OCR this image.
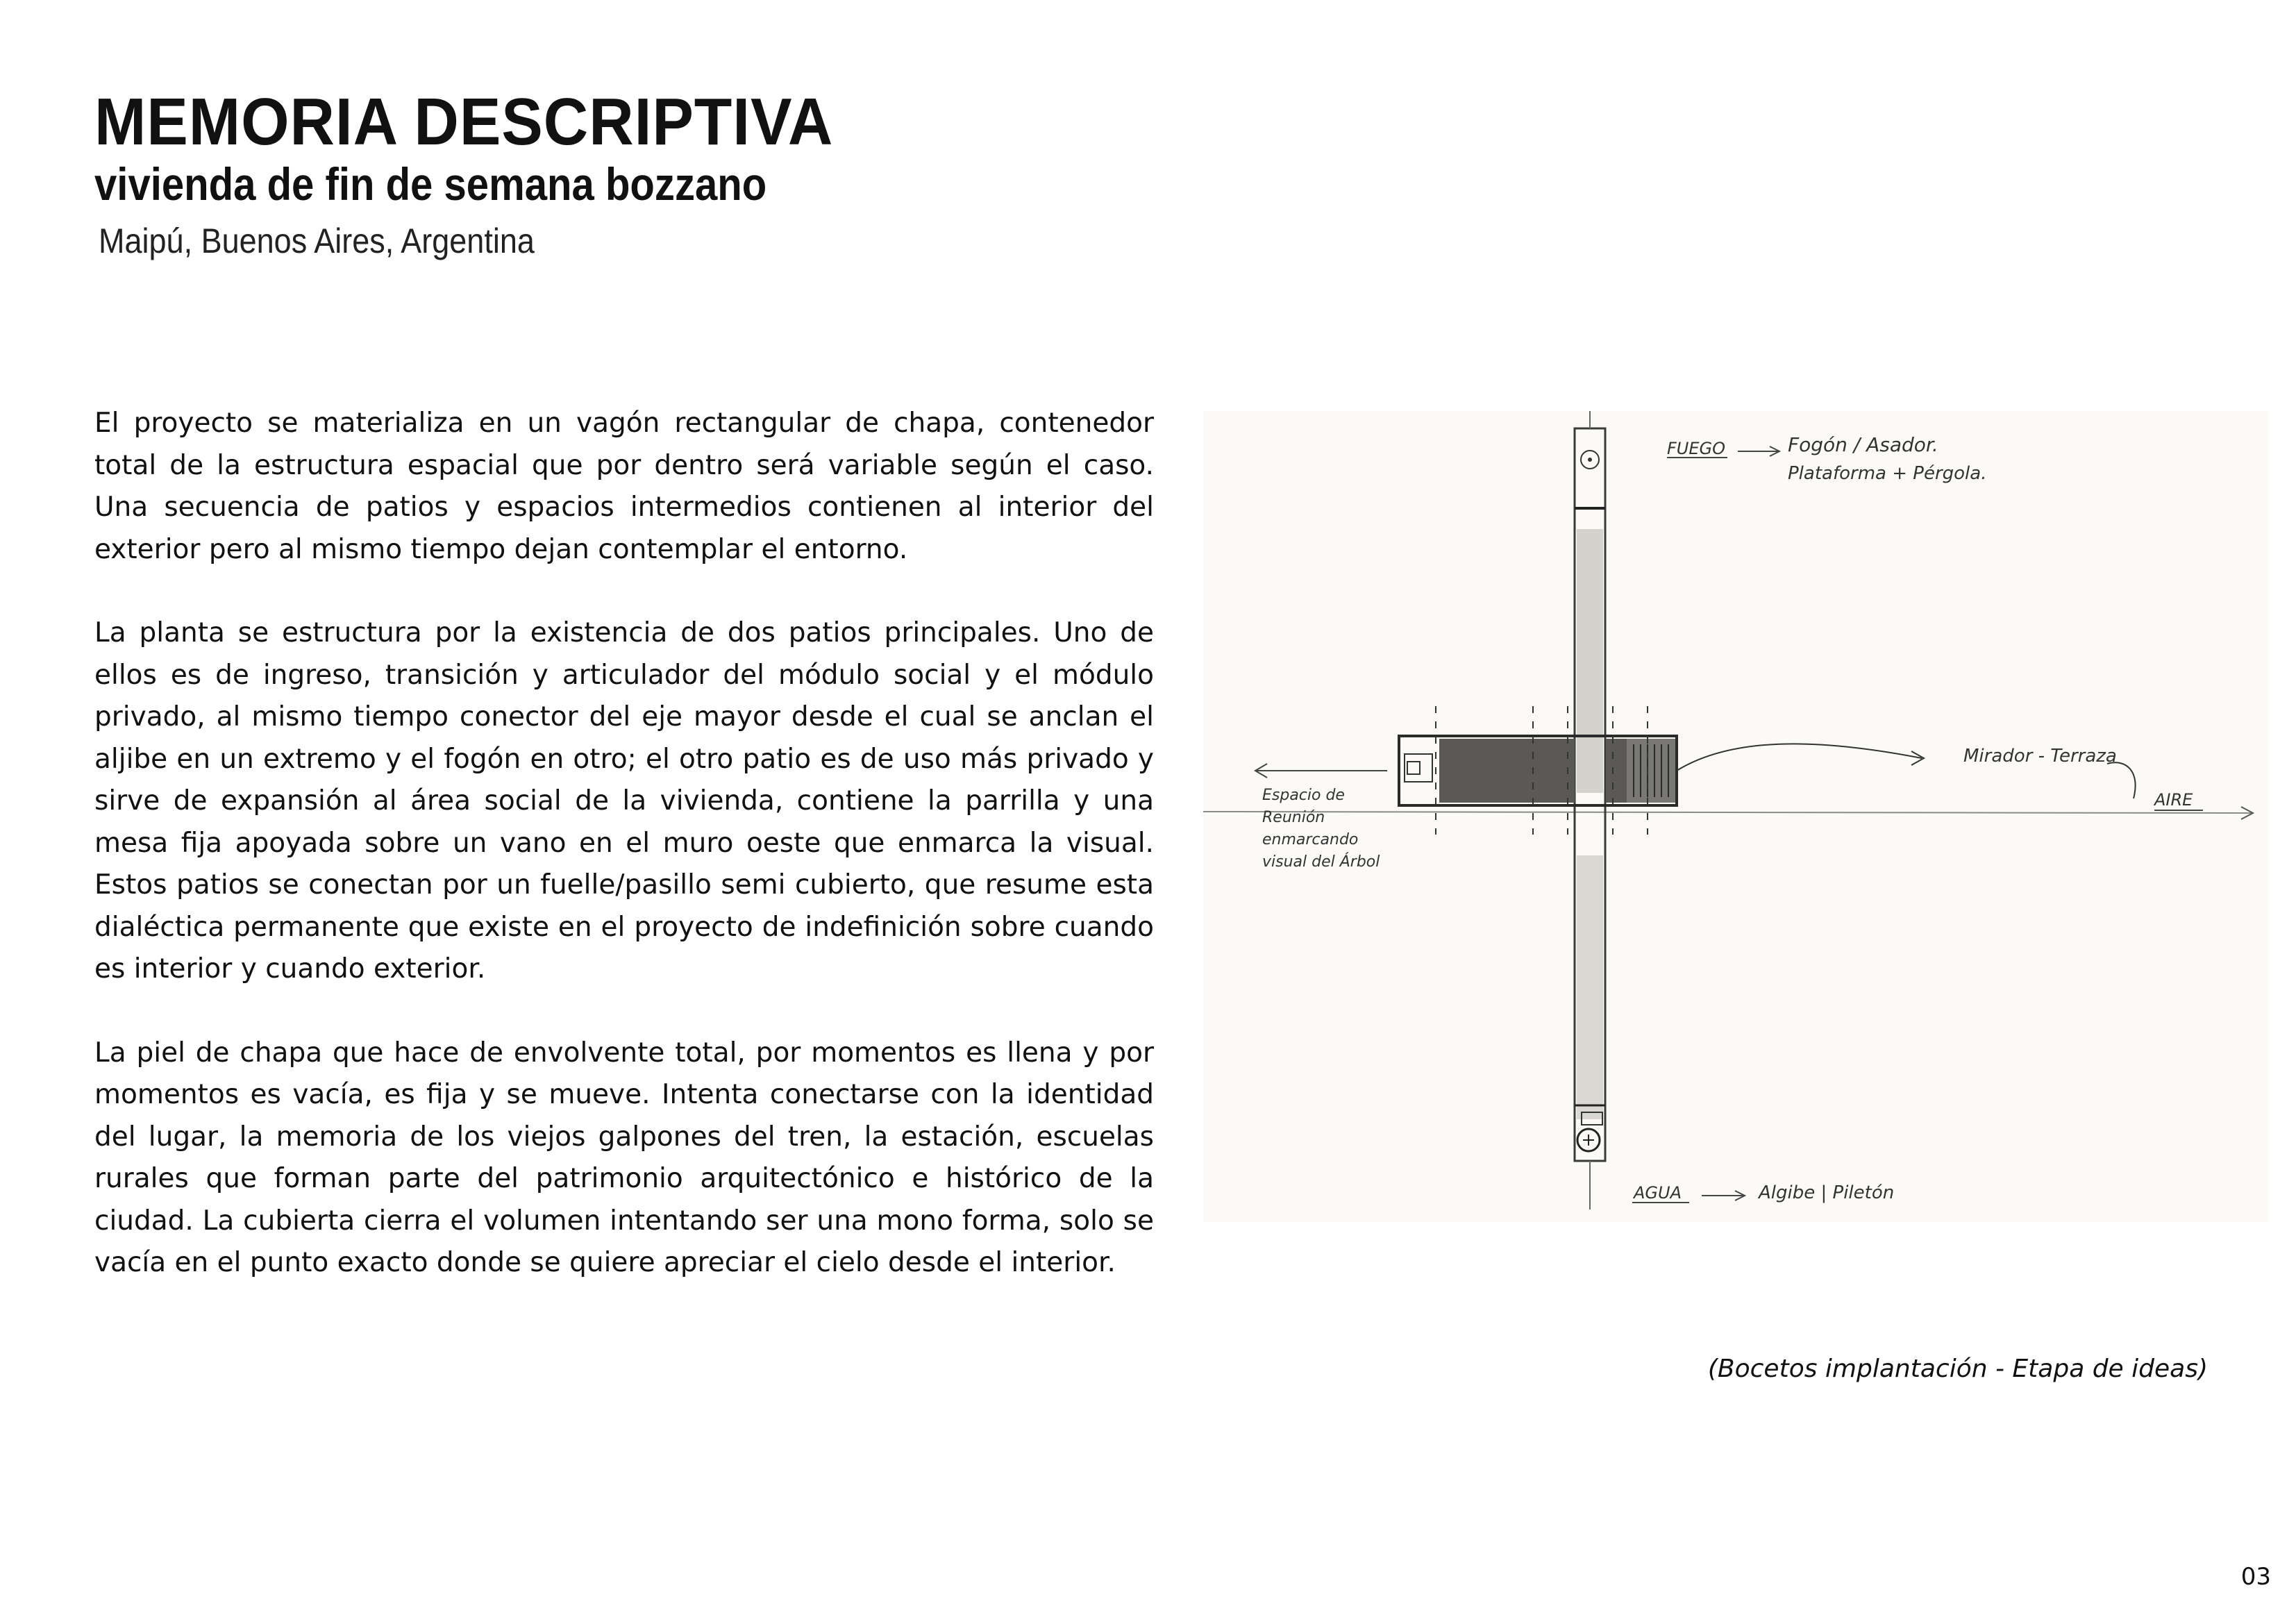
MEMORIA DESCRIPTIVA
vivienda de fin de semana bozzano

Maipú, Buenos Aires, Argentina

El proyecto se materializa en un vagón rectangular de chapa, contenedor total de la estructura espacial que por dentro será variable según el caso. Una secuencia de patios y espacios intermedios contienen al interior del exterior pero al mismo tiempo dejan contemplar el entorno.

La planta se estructura por la existencia de dos patios principales. Uno de ellos es de ingreso, transición y articulador del módulo social y el módulo privado, al mismo tiempo conector del eje mayor desde el cual se anclan el aljibe en un extremo y el fogón en otro; el otro patio es de uso más privado y sirve de expansión al área social de la vivienda, contiene la parrilla y una mesa fija apoyada sobre un vano en el muro oeste que enmarca la visual. Estos patios se conectan por un fuelle/pasillo semi cubierto, que resume esta dialéctica permanente que existe en el proyecto de indefinición sobre cuando es interior y cuando exterior.

La piel de chapa que hace de envolvente total, por momentos es llena y por momentos es vacía, es fija y se mueve. Intenta conectarse con la identidad del lugar, la memoria de los viejos galpones del tren, la estación, escuelas rurales que forman parte del patrimonio arquitectónico e histórico de la ciudad. La cubierta cierra el volumen intentando ser una mono forma, solo se vacía en el punto exacto donde se quiere apreciar el cielo desde el interior.

FUEGO	Fogón / Asador.
Plataforma + Pérgola.
Mirador - Terraza
AIRE
Espacio de
Reunión
enmarcando
visual del Árbol
AGUA	Algibe | Piletón

(Bocetos implantación - Etapa de ideas)

03
